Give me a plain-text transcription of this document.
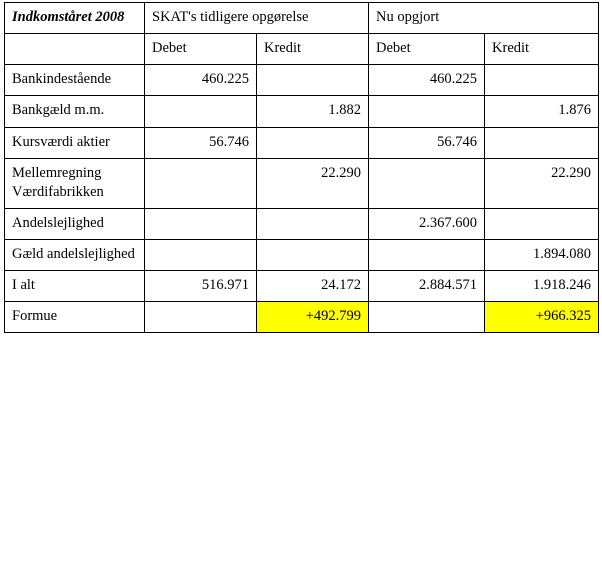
Indkomståret 2008	SKAT's tidligere opgørelse		Nu opgjort	
	Debet	Kredit	Debet	Kredit
Bankindestående	460.225		460.225	
Bankgæld m.m.		1.882		1.876
Kursværdi aktier	56.746		56.746	
Mellemregning Værdifabrikken		22.290		22.290
Andelslejlighed			2.367.600	
Gæld andelslejlighed				1.894.080
I alt	516.971	24.172	2.884.571	1.918.246
Formue		+492.799		+966.325
